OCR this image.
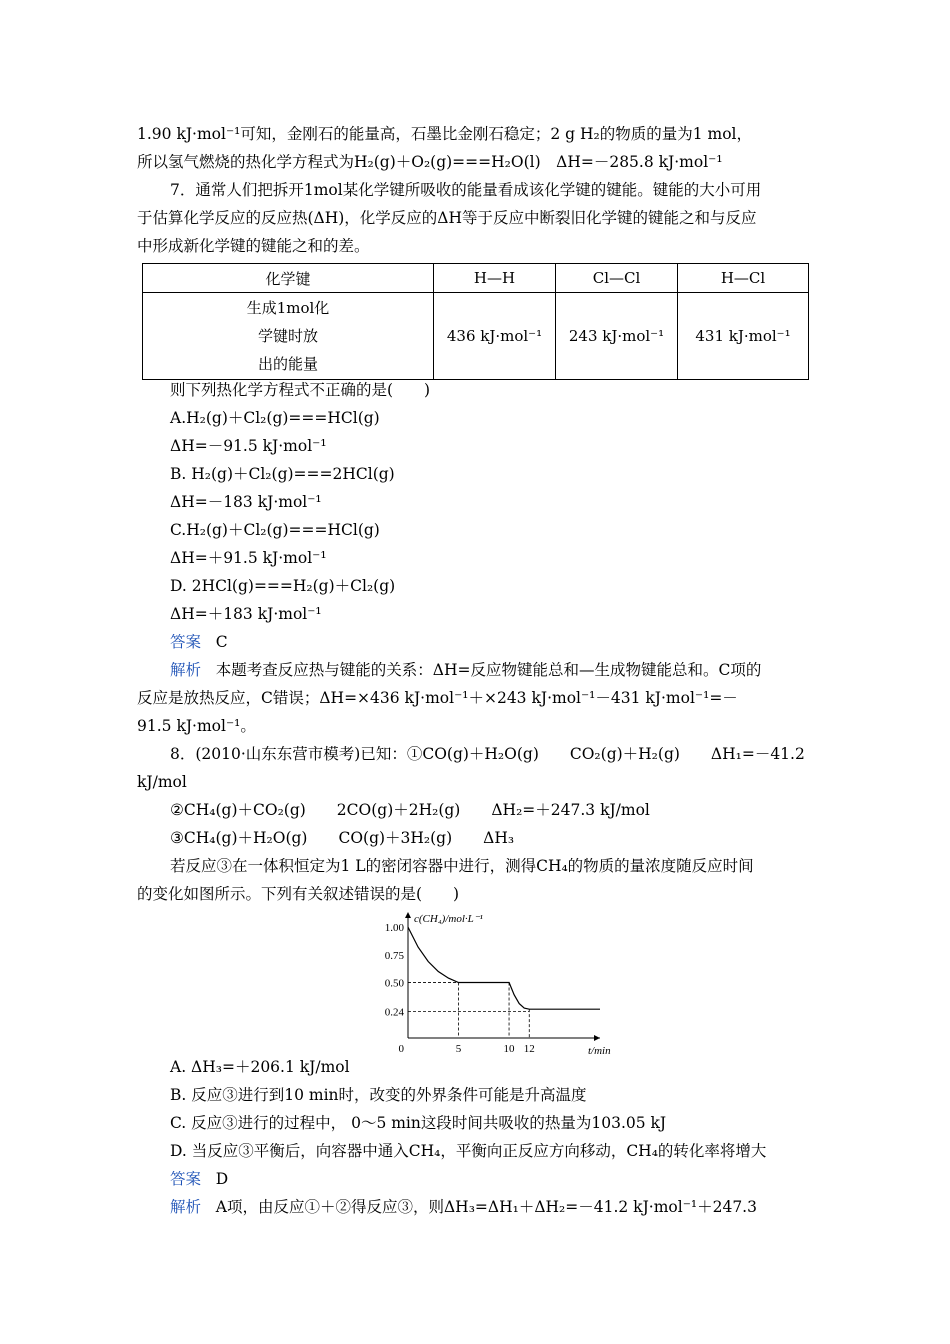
1.90 kJ·mol⁻¹可知，金刚石的能量高，石墨比金刚石稳定；2 g H₂的物质的量为1 mol，
所以氢气燃烧的热化学方程式为H₂(g)＋O₂(g)===H₂O(l)　ΔH=－285.8 kJ·mol⁻¹
7．通常人们把拆开1mol某化学键所吸收的能量看成该化学键的键能。键能的大小可用
于估算化学反应的反应热(ΔH)，化学反应的ΔH等于反应中断裂旧化学键的键能之和与反应
中形成新化学键的键能之和的差。
化学键	H—H	Cl—Cl	H—Cl

生成1mol化
学键时放
出的能量	436 kJ·mol⁻¹	243 kJ·mol⁻¹	431 kJ·mol⁻¹
则下列热化学方程式不正确的是(　　)
A.H₂(g)＋Cl₂(g)===HCl(g)
ΔH=－91.5 kJ·mol⁻¹
B. H₂(g)＋Cl₂(g)===2HCl(g)
ΔH=－183 kJ·mol⁻¹
C.H₂(g)＋Cl₂(g)===HCl(g)
ΔH=＋91.5 kJ·mol⁻¹
D. 2HCl(g)===H₂(g)＋Cl₂(g)
ΔH=＋183 kJ·mol⁻¹
答案 C
解析 本题考查反应热与键能的关系：ΔH=反应物键能总和—生成物键能总和。C项的
反应是放热反应，C错误；ΔH=×436 kJ·mol⁻¹＋×243 kJ·mol⁻¹－431 kJ·mol⁻¹=－
91.5 kJ·mol⁻¹。
8．(2010·山东东营市模考)已知：①CO(g)＋H₂O(g)　　CO₂(g)＋H₂(g)　　ΔH₁=－41.2
kJ/mol
②CH₄(g)＋CO₂(g)　　2CO(g)＋2H₂(g)　　ΔH₂=＋247.3 kJ/mol
③CH₄(g)＋H₂O(g)　　CO(g)＋3H₂(g)　　ΔH₃
若反应③在一体积恒定为1 L的密闭容器中进行，测得CH₄的物质的量浓度随反应时间
的变化如图所示。下列有关叙述错误的是(　　)
c(CH₄)/mol·L⁻¹
t/min
1.00
0.75
0.50
0.24
0	5	10 12
A. ΔH₃=＋206.1 kJ/mol
B. 反应③进行到10 min时，改变的外界条件可能是升高温度
C. 反应③进行的过程中， 0～5 min这段时间共吸收的热量为103.05 kJ
D. 当反应③平衡后，向容器中通入CH₄，平衡向正反应方向移动，CH₄的转化率将增大
答案 D
解析 A项，由反应①＋②得反应③，则ΔH₃=ΔH₁＋ΔH₂=－41.2 kJ·mol⁻¹＋247.3
